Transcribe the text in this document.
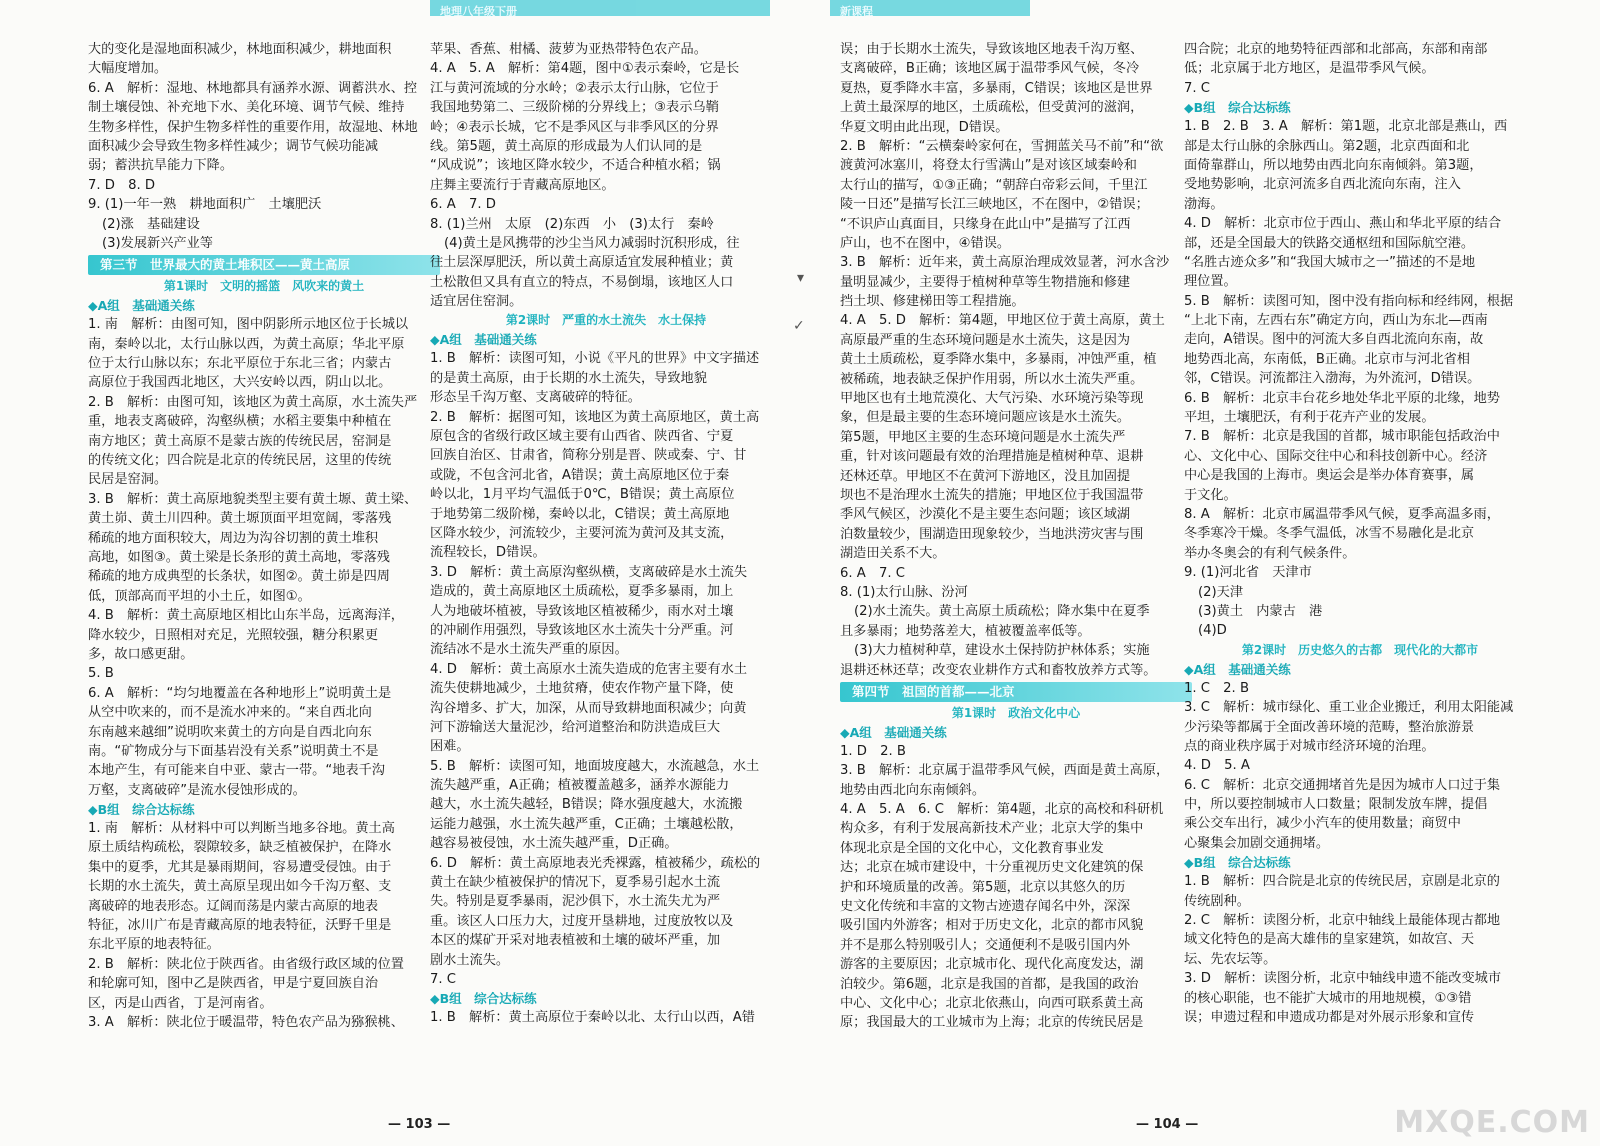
地理八年级下册	新课程
大的变化是湿地面积减少，林地面积减少，耕地面积
大幅度增加。
6. A　解析：湿地、林地都具有涵养水源、调蓄洪水、控
制土壤侵蚀、补充地下水、美化环境、调节气候、维持
生物多样性，保护生物多样性的重要作用，故湿地、林地
面积减少会导致生物多样性减少；调节气候功能减
弱；蓄洪抗旱能力下降。
7. D　8. D
9. (1)一年一熟　耕地面积广　土壤肥沃
(2)涨　基础建设
(3)发展新兴产业等
第三节　世界最大的黄土堆积区——黄土高原
第1课时　文明的摇篮　风吹来的黄土
◆A组　基础通关练
1. 南　解析：由图可知，图中阴影所示地区位于长城以
南，秦岭以北，太行山脉以西，为黄土高原；华北平原
位于太行山脉以东；东北平原位于东北三省；内蒙古
高原位于我国西北地区，大兴安岭以西，阴山以北。
2. B　解析：由图可知，该地区为黄土高原，水土流失严
重，地表支离破碎，沟壑纵横；水稻主要集中种植在
南方地区；黄土高原不是蒙古族的传统民居，窑洞是
的传统文化；四合院是北京的传统民居，这里的传统
民居是窑洞。
3. B　解析：黄土高原地貌类型主要有黄土塬、黄土梁、
黄土峁、黄土川四种。黄土塬顶面平坦宽阔，零落残
稀疏的地方面积较大，周边为沟谷切割的黄土堆积
高地，如图③。黄土梁是长条形的黄土高地，零落残
稀疏的地方成典型的长条状，如图②。黄土峁是四周
低，顶部高而平坦的小土丘，如图①。
4. B　解析：黄土高原地区相比山东半岛，远离海洋，
降水较少，日照相对充足，光照较强，糖分积累更
多，故口感更甜。
5. B
6. A　解析：“均匀地覆盖在各种地形上”说明黄土是
从空中吹来的，而不是流水冲来的。“来自西北向
东南越来越细”说明吹来黄土的方向是自西北向东
南。“矿物成分与下面基岩没有关系”说明黄土不是
本地产生，有可能来自中亚、蒙古一带。“地表千沟
万壑，支离破碎”是流水侵蚀形成的。
◆B组　综合达标练
1. 南　解析：从材料中可以判断当地多谷地。黄土高
原土质结构疏松，裂隙较多，缺乏植被保护，在降水
集中的夏季，尤其是暴雨期间，容易遭受侵蚀。由于
长期的水土流失，黄土高原呈现出如今千沟万壑、支
离破碎的地表形态。辽阔而荡是内蒙古高原的地表
特征，冰川广布是青藏高原的地表特征，沃野千里是
东北平原的地表特征。
2. B　解析：陕北位于陕西省。由省级行政区域的位置
和轮廓可知，图中乙是陕西省，甲是宁夏回族自治
区，丙是山西省，丁是河南省。
3. A　解析：陕北位于暖温带，特色农产品为猕猴桃、
苹果、香蕉、柑橘、菠萝为亚热带特色农产品。
4. A　5. A　解析：第4题，图中①表示秦岭，它是长
江与黄河流域的分水岭；②表示太行山脉，它位于
我国地势第二、三级阶梯的分界线上；③表示乌鞘
岭；④表示长城，它不是季风区与非季风区的分界
线。第5题，黄土高原的形成最为人们认同的是
“风成说”；该地区降水较少，不适合种植水稻；锅
庄舞主要流行于青藏高原地区。
6. A　7. D
8. (1)兰州　太原　(2)东西　小　(3)太行　秦岭
(4)黄土是风携带的沙尘当风力减弱时沉积形成，往
往土层深厚肥沃，所以黄土高原适宜发展种植业；黄
土松散但又具有直立的特点，不易倒塌，该地区人口
适宜居住窑洞。
第2课时　严重的水土流失　水土保持
◆A组　基础通关练
1. B　解析：读图可知，小说《平凡的世界》中文字描述
的是黄土高原，由于长期的水土流失，导致地貌
形态呈千沟万壑、支离破碎的特征。
2. B　解析：据图可知，该地区为黄土高原地区，黄土高
原包含的省级行政区域主要有山西省、陕西省、宁夏
回族自治区、甘肃省，简称分别是晋、陕或秦、宁、甘
或陇，不包含河北省，A错误；黄土高原地区位于秦
岭以北，1月平均气温低于0℃，B错误；黄土高原位
于地势第二级阶梯，秦岭以北，C错误；黄土高原地
区降水较少，河流较少，主要河流为黄河及其支流，
流程较长，D错误。
3. D　解析：黄土高原沟壑纵横，支离破碎是水土流失
造成的，黄土高原地区土质疏松，夏季多暴雨，加上
人为地破坏植被，导致该地区植被稀少，雨水对土壤
的冲刷作用强烈，导致该地区水土流失十分严重。河
流结冰不是水土流失严重的原因。
4. D　解析：黄土高原水土流失造成的危害主要有水土
流失使耕地减少，土地贫瘠，使农作物产量下降，使
沟谷增多、扩大，加深，从而导致耕地面积减少；向黄
河下游输送大量泥沙，给河道整治和防洪造成巨大
困难。
5. B　解析：读图可知，地面坡度越大，水流越急，水土
流失越严重，A正确；植被覆盖越多，涵养水源能力
越大，水土流失越轻，B错误；降水强度越大，水流搬
运能力越强，水土流失越严重，C正确；土壤越松散，
越容易被侵蚀，水土流失越严重，D正确。
6. D　解析：黄土高原地表光秃裸露，植被稀少，疏松的
黄土在缺少植被保护的情况下，夏季易引起水土流
失。特别是夏季暴雨，泥沙俱下，水土流失尤为严
重。该区人口压力大，过度开垦耕地，过度放牧以及
本区的煤矿开采对地表植被和土壤的破坏严重，加
剧水土流失。
7. C
◆B组　综合达标练
1. B　解析：黄土高原位于秦岭以北、太行山以西，A错
— 103 —
误；由于长期水土流失，导致该地区地表千沟万壑、
支离破碎，B正确；该地区属于温带季风气候，冬冷
夏热，夏季降水丰富，多暴雨，C错误；该地区是世界
上黄土最深厚的地区，土质疏松，但受黄河的滋润，
华夏文明由此出现，D错误。
2. B　解析：“云横秦岭家何在，雪拥蓝关马不前”和“欲
渡黄河冰塞川，将登太行雪满山”是对该区域秦岭和
太行山的描写，①③正确；“朝辞白帝彩云间，千里江
陵一日还”是描写长江三峡地区，不在图中，②错误；
“不识庐山真面目，只缘身在此山中”是描写了江西
庐山，也不在图中，④错误。
3. B　解析：近年来，黄土高原治理成效显著，河水含沙
量明显减少，主要得于植树种草等生物措施和修建
挡土坝、修建梯田等工程措施。
4. A　5. D　解析：第4题，甲地区位于黄土高原，黄土
高原最严重的生态环境问题是水土流失，这是因为
黄土土质疏松，夏季降水集中，多暴雨，冲蚀严重，植
被稀疏，地表缺乏保护作用弱，所以水土流失严重。
甲地区也有土地荒漠化、大气污染、水环境污染等现
象，但是最主要的生态环境问题应该是水土流失。
第5题，甲地区主要的生态环境问题是水土流失严
重，针对该问题最有效的治理措施是植树种草、退耕
还林还草。甲地区不在黄河下游地区，没且加固提
坝也不是治理水土流失的措施；甲地区位于我国温带
季风气候区，沙漠化不是主要生态问题；该区域湖
泊数量较少，围湖造田现象较少，当地洪涝灾害与围
湖造田关系不大。
6. A　7. C
8. (1)太行山脉、汾河
(2)水土流失。黄土高原土质疏松；降水集中在夏季
且多暴雨；地势落差大，植被覆盖率低等。
(3)大力植树种草，建设水土保持防护林体系；实施
退耕还林还草；改变农业耕作方式和畜牧放养方式等。
第四节　祖国的首都——北京
第1课时　政治文化中心
◆A组　基础通关练
1. D　2. B
3. B　解析：北京属于温带季风气候，西面是黄土高原，
地势由西北向东南倾斜。
4. A　5. A　6. C　解析：第4题，北京的高校和科研机
构众多，有利于发展高新技术产业；北京大学的集中
体现北京是全国的文化中心，文化教育事业发
达；北京在城市建设中，十分重视历史文化建筑的保
护和环境质量的改善。第5题，北京以其悠久的历
史文化传统和丰富的文物古迹遗存闻名中外，深深
吸引国内外游客；相对于历史文化，北京的都市风貌
并不是那么特别吸引人；交通便利不是吸引国内外
游客的主要原因；北京城市化、现代化高度发达，湖
泊较少。第6题，北京是我国的首都，是我国的政治
中心、文化中心；北京北依燕山，向西可联系黄土高
原；我国最大的工业城市为上海；北京的传统民居是
四合院；北京的地势特征西部和北部高，东部和南部
低；北京属于北方地区，是温带季风气候。
7. C
◆B组　综合达标练
1. B　2. B　3. A　解析：第1题，北京北部是燕山，西
部是太行山脉的余脉西山。第2题，北京西面和北
面倚靠群山，所以地势由西北向东南倾斜。第3题，
受地势影响，北京河流多自西北流向东南，注入
渤海。
4. D　解析：北京市位于西山、燕山和华北平原的结合
部，还是全国最大的铁路交通枢纽和国际航空港。
“名胜古迹众多”和“我国大城市之一”描述的不是地
理位置。
5. B　解析：读图可知，图中没有指向标和经纬网，根据
“上北下南，左西右东”确定方向，西山为东北—西南
走向，A错误。图中的河流大多自西北流向东南，故
地势西北高，东南低，B正确。北京市与河北省相
邻，C错误。河流都注入渤海，为外流河，D错误。
6. B　解析：北京丰台花乡地处华北平原的北缘，地势
平坦，土壤肥沃，有利于花卉产业的发展。
7. B　解析：北京是我国的首都，城市职能包括政治中
心、文化中心、国际交往中心和科技创新中心。经济
中心是我国的上海市。奥运会是举办体育赛事，属
于文化。
8. A　解析：北京市属温带季风气候，夏季高温多雨，
冬季寒冷干燥。冬季气温低，冰雪不易融化是北京
举办冬奥会的有利气候条件。
9. (1)河北省　天津市
(2)天津
(3)黄土　内蒙古　港
(4)D
第2课时　历史悠久的古都　现代化的大都市
◆A组　基础通关练
1. C　2. B
3. C　解析：城市绿化、重工业企业搬迁，利用太阳能减
少污染等都属于全面改善环境的范畴，整治旅游景
点的商业秩序属于对城市经济环境的治理。
4. D　5. A
6. C　解析：北京交通拥堵首先是因为城市人口过于集
中，所以要控制城市人口数量；限制发放车牌，提倡
乘公交车出行，减少小汽车的使用数量；商贸中
心聚集会加剧交通拥堵。
◆B组　综合达标练
1. B　解析：四合院是北京的传统民居，京剧是北京的
传统剧种。
2. C　解析：读图分析，北京中轴线上最能体现古都地
域文化特色的是高大雄伟的皇家建筑，如故宫、天
坛、先农坛等。
3. D　解析：读图分析，北京中轴线申遗不能改变城市
的核心职能，也不能扩大城市的用地规模，①③错
误；申遗过程和申遗成功都是对外展示形象和宣传
— 104 —	MXQE.COM
▾
✓
